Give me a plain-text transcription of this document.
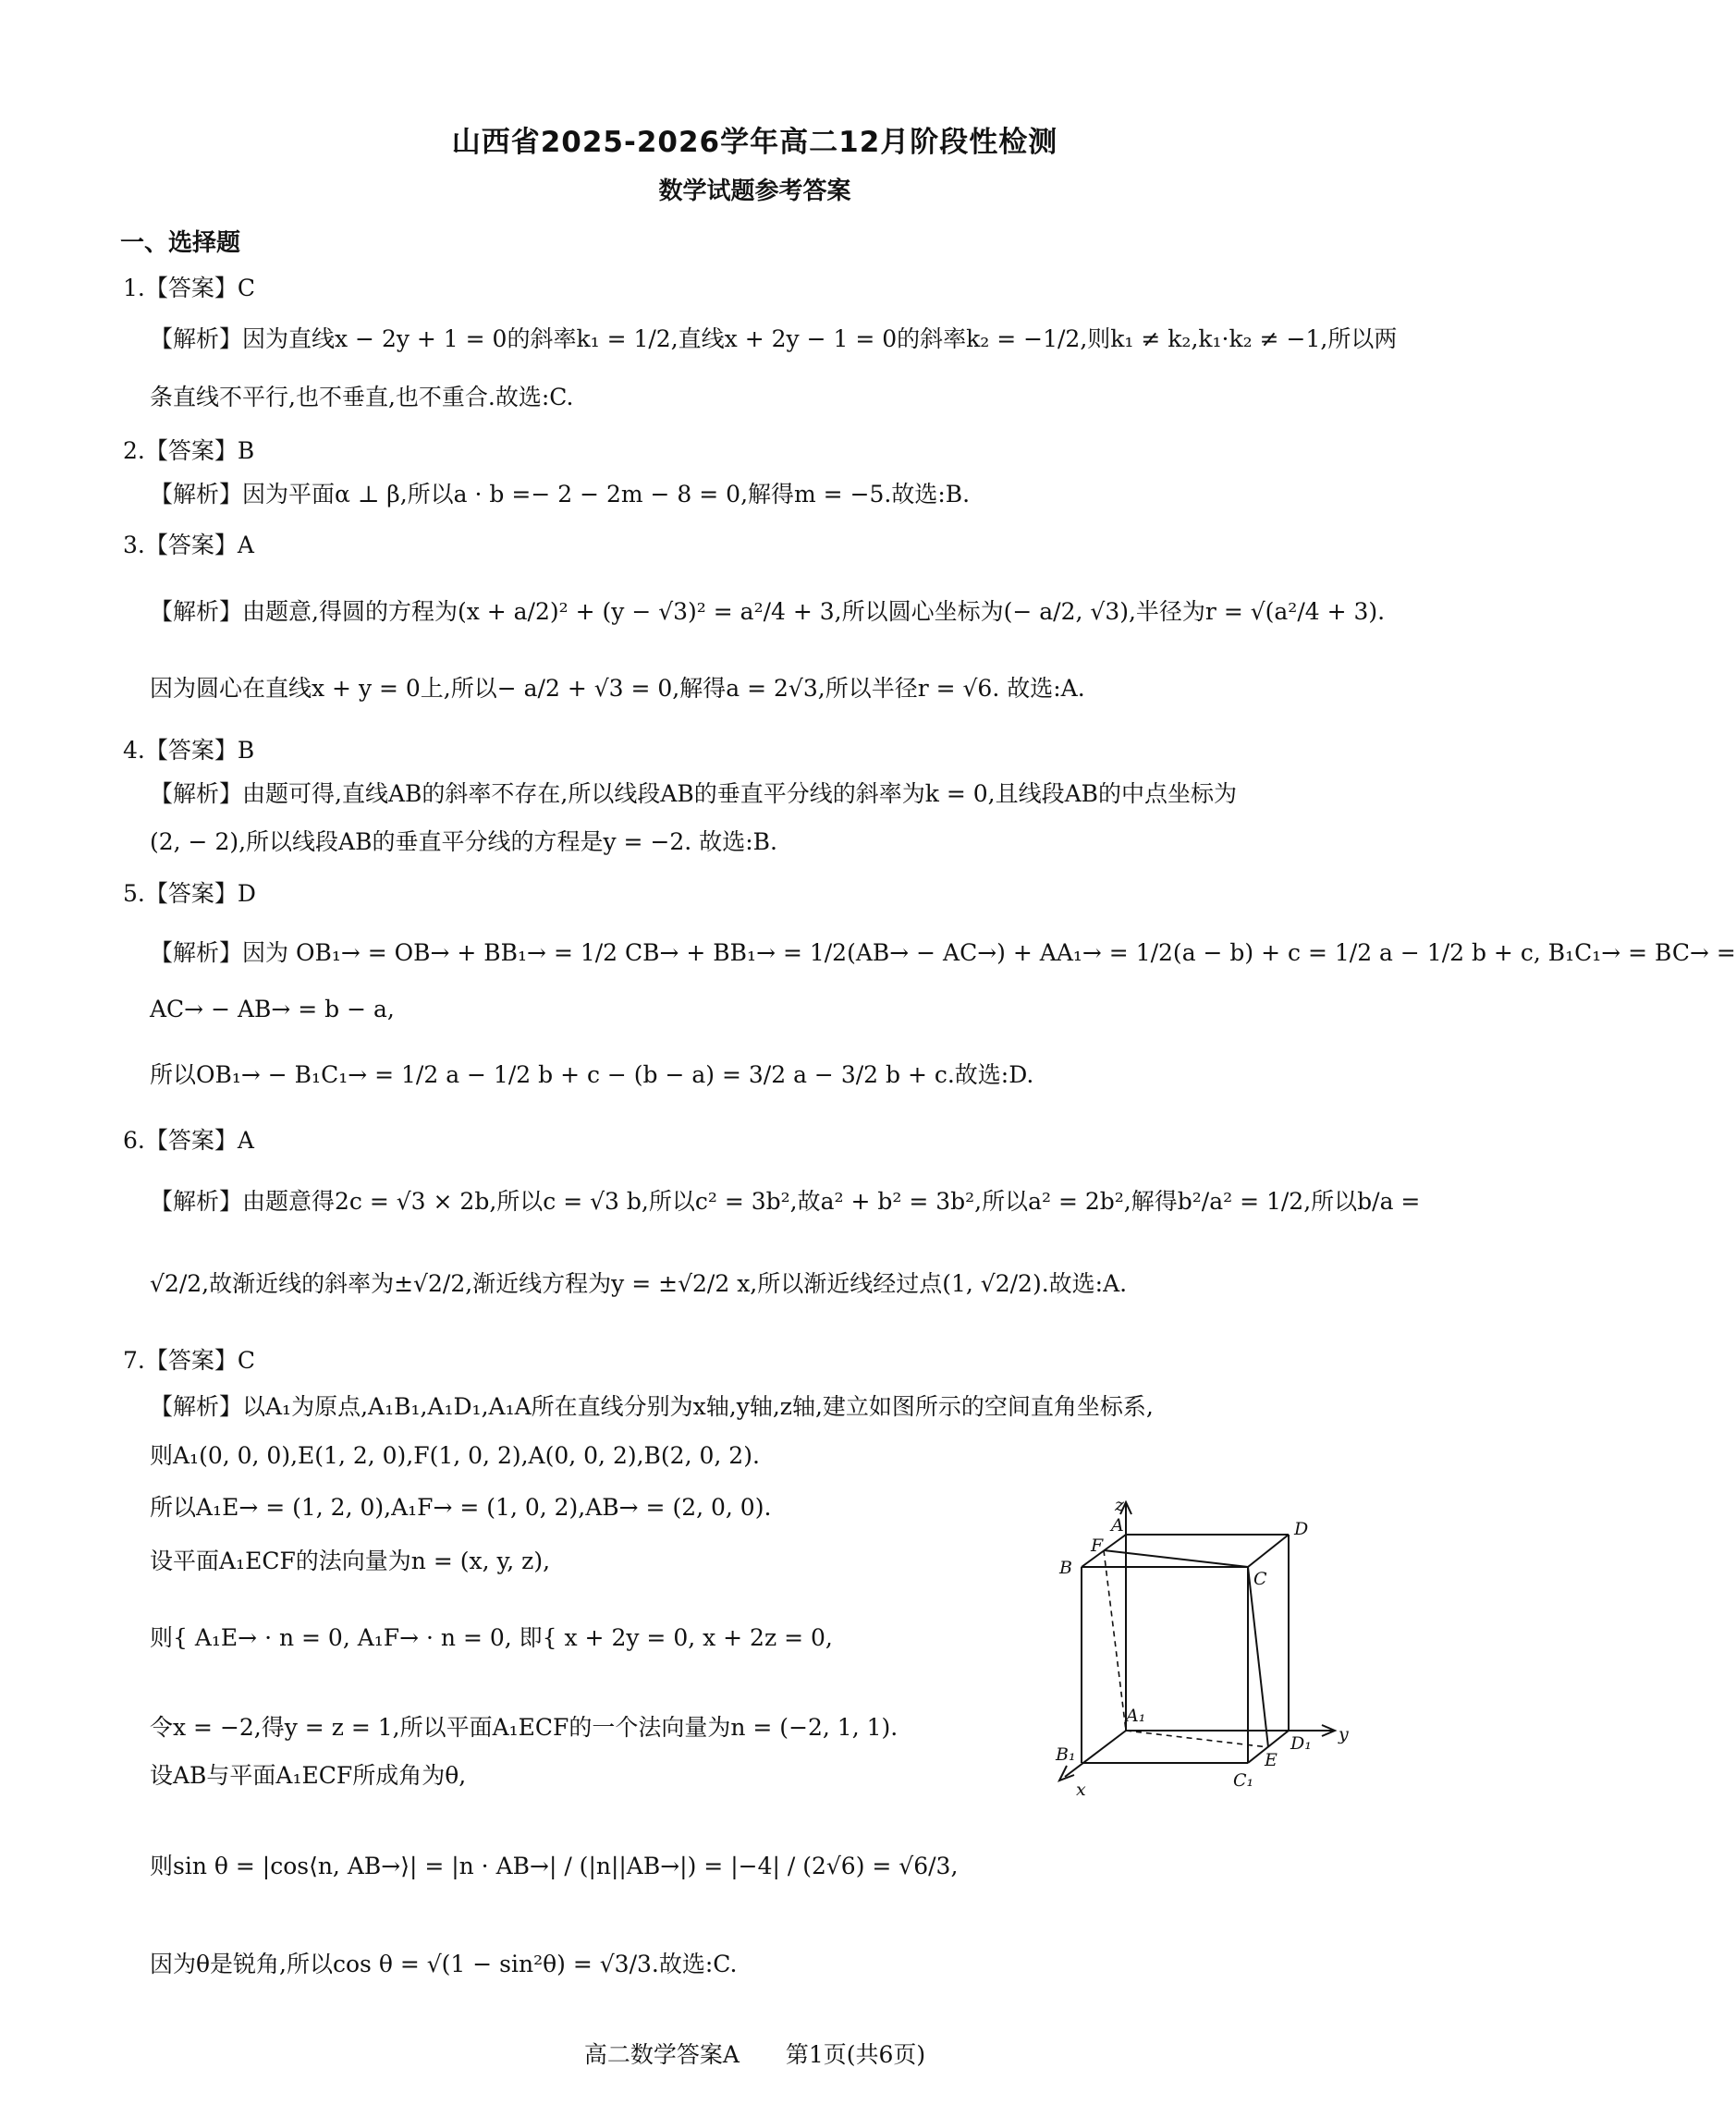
山西省2025-2026学年高二12月阶段性检测
数学试题参考答案
一、选择题
1.【答案】C
【解析】因为直线x − 2y + 1 = 0的斜率k₁ = 1/2,直线x + 2y − 1 = 0的斜率k₂ = −1/2,则k₁ ≠ k₂,k₁·k₂ ≠ −1,所以两
条直线不平行,也不垂直,也不重合.故选:C.
2.【答案】B
【解析】因为平面α ⊥ β,所以a · b =− 2 − 2m − 8 = 0,解得m = −5.故选:B.
3.【答案】A
【解析】由题意,得圆的方程为(x + a/2)² + (y − √3)² = a²/4 + 3,所以圆心坐标为(− a/2, √3),半径为r = √(a²/4 + 3).
因为圆心在直线x + y = 0上,所以− a/2 + √3 = 0,解得a = 2√3,所以半径r = √6. 故选:A.
4.【答案】B
【解析】由题可得,直线AB的斜率不存在,所以线段AB的垂直平分线的斜率为k = 0,且线段AB的中点坐标为
(2, − 2),所以线段AB的垂直平分线的方程是y = −2. 故选:B.
5.【答案】D
【解析】因为 OB₁→ = OB→ + BB₁→ = 1/2 CB→ + BB₁→ = 1/2(AB→ − AC→) + AA₁→ = 1/2(a − b) + c = 1/2 a − 1/2 b + c, B₁C₁→ = BC→ =
AC→ − AB→ = b − a,
所以OB₁→ − B₁C₁→ = 1/2 a − 1/2 b + c − (b − a) = 3/2 a − 3/2 b + c.故选:D.
6.【答案】A
【解析】由题意得2c = √3 × 2b,所以c = √3 b,所以c² = 3b²,故a² + b² = 3b²,所以a² = 2b²,解得b²/a² = 1/2,所以b/a =
√2/2,故渐近线的斜率为±√2/2,渐近线方程为y = ±√2/2 x,所以渐近线经过点(1, √2/2).故选:A.
7.【答案】C
【解析】以A₁为原点,A₁B₁,A₁D₁,A₁A所在直线分别为x轴,y轴,z轴,建立如图所示的空间直角坐标系,
则A₁(0, 0, 0),E(1, 2, 0),F(1, 0, 2),A(0, 0, 2),B(2, 0, 2).
所以A₁E→ = (1, 2, 0),A₁F→ = (1, 0, 2),AB→ = (2, 0, 0).
设平面A₁ECF的法向量为n = (x, y, z),
则{ A₁E→ · n = 0, A₁F→ · n = 0, 即{ x + 2y = 0, x + 2z = 0,
令x = −2,得y = z = 1,所以平面A₁ECF的一个法向量为n = (−2, 1, 1).
设AB与平面A₁ECF所成角为θ,
则sin θ = |cos⟨n, AB→⟩| = |n · AB→| / (|n||AB→|) = |−4| / (2√6) = √6/3,
因为θ是锐角,所以cos θ = √(1 − sin²θ) = √3/3.故选:C.
z
A	D
F
B
C
A₁
D₁ y
E
B₁
C₁
x
高二数学答案A　　第1页(共6页)
